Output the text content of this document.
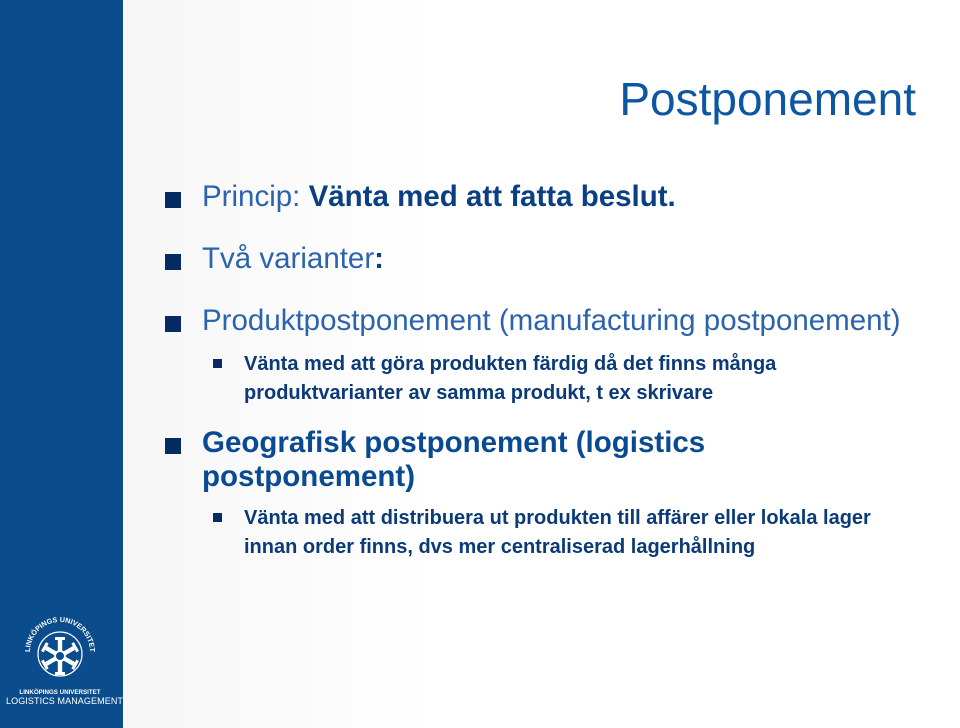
LINKÖPINGS UNIVERSITET
LINKÖPINGS UNIVERSITET
LOGISTICS MANAGEMENT
Postponement

Princip: Vänta med att fatta beslut.

Två varianter:

Produktpostponement (manufacturing postponement)

Vänta med att göra produkten färdig då det finns många produktvarianter av samma produkt, t ex skrivare

Geografisk postponement (logistics postponement)

Vänta med att distribuera ut produkten till affärer eller lokala lager innan order finns, dvs mer centraliserad lagerhållning
